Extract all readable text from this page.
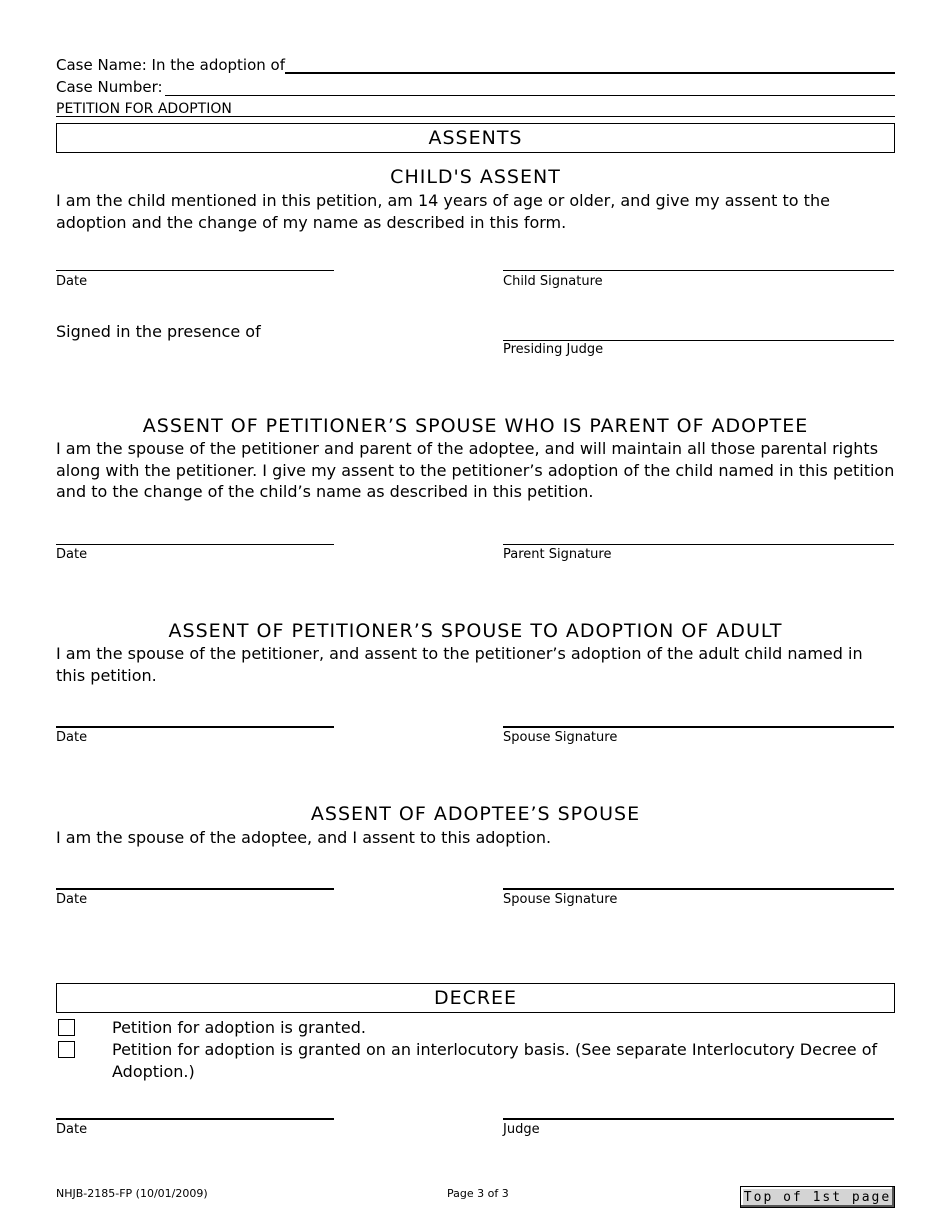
Case Name: In the adoption of
Case Number:
PETITION FOR ADOPTION
ASSENTS
CHILD'S ASSENT
I am the child mentioned in this petition, am 14 years of age or older, and give my assent to the adoption and the change of my name as described in this form.
Date	Child Signature
Signed in the presence of
Presiding Judge
ASSENT OF PETITIONER’S SPOUSE WHO IS PARENT OF ADOPTEE
I am the spouse of the petitioner and parent of the adoptee, and will maintain all those parental rights along with the petitioner. I give my assent to the petitioner’s adoption of the child named in this petition and to the change of the child’s name as described in this petition.
Date	Parent Signature
ASSENT OF PETITIONER’S SPOUSE TO ADOPTION OF ADULT
I am the spouse of the petitioner, and assent to the petitioner’s adoption of the adult child named in this petition.
Date	Spouse Signature
ASSENT OF ADOPTEE’S SPOUSE
I am the spouse of the adoptee, and I assent to this adoption.
Date	Spouse Signature
DECREE
Petition for adoption is granted.
Petition for adoption is granted on an interlocutory basis. (See separate Interlocutory Decree of Adoption.)
Date	Judge
NHJB-2185-FP (10/01/2009)	Page 3 of 3	Top of 1st page
